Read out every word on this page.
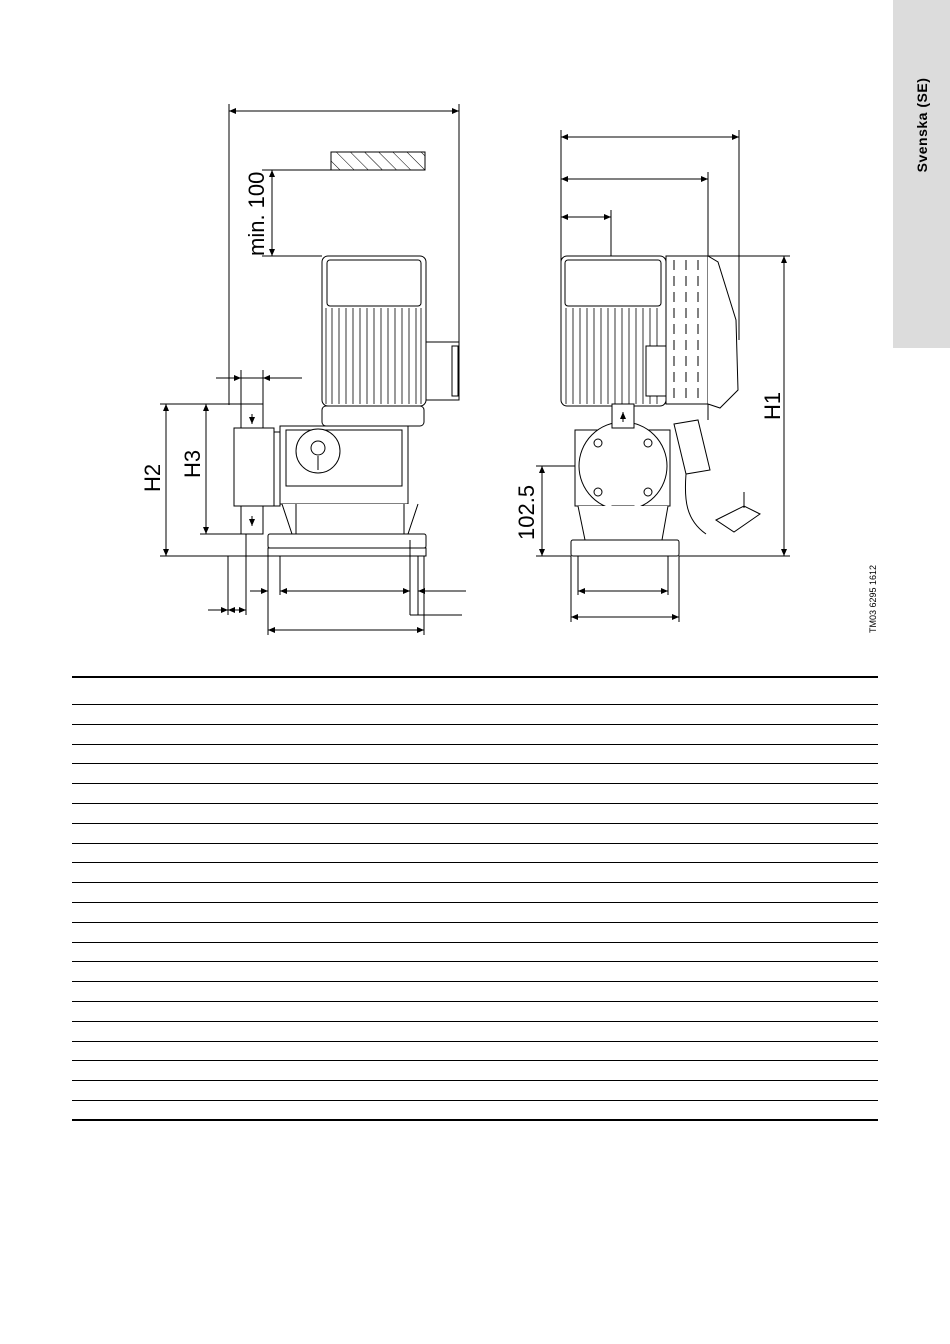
Svenska (SE)
min. 100
H2 H3
H1
102.5
TM03 6295 1612
